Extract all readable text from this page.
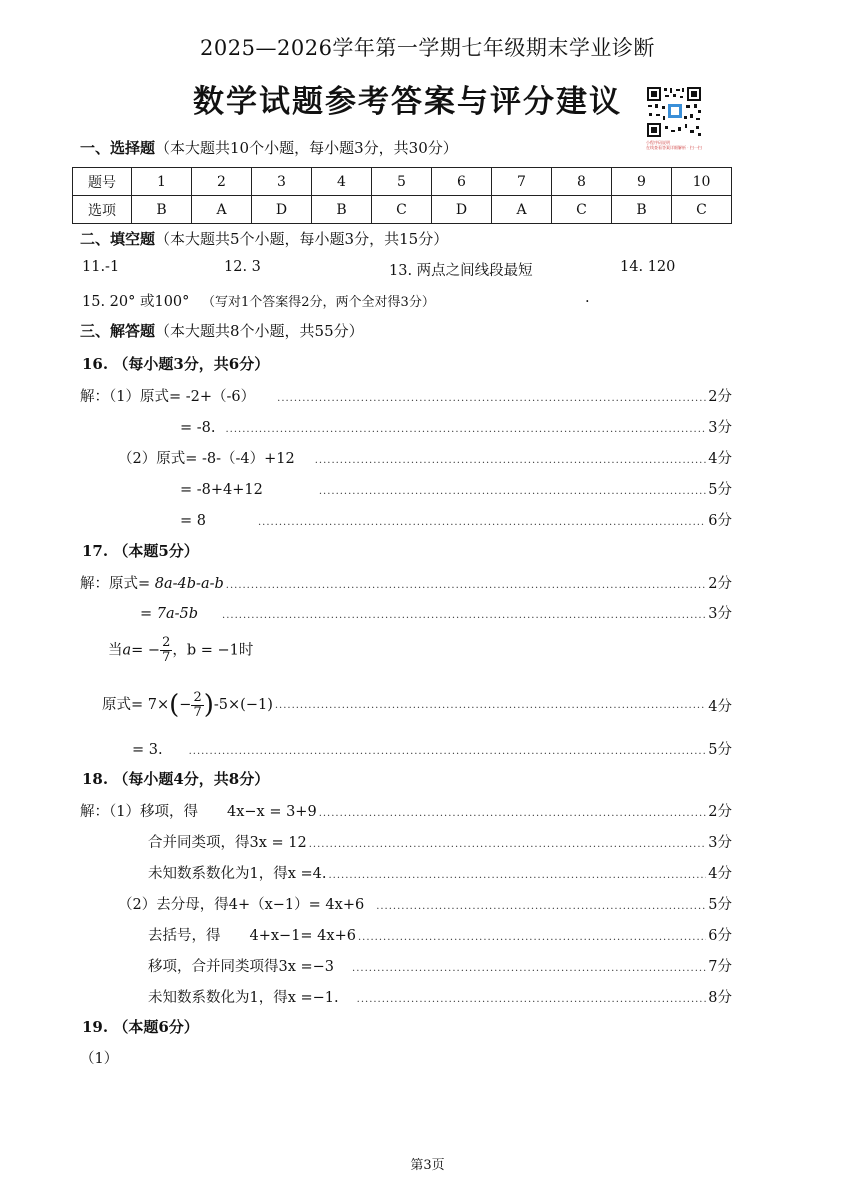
2025—2026学年第一学期七年级期末学业诊断
数学试题参考答案与评分建议
小程序码说明
在线查看答案详细解析 · 扫一扫
一、选择题（本大题共10个小题，每小题3分，共30分）
题号	1	2	3	4	5	6	7	8	9	10
选项	B	A	D	B	C	D	A	C	B	C
二、填空题（本大题共5个小题，每小题3分，共15分）
11.-1	12. 3	13. 两点之间线段最短	14. 120
15. 20° 或100° （写对1个答案得2分，两个全对得3分）	.
三、解答题（本大题共8个小题，共55分）
16. （每小题3分，共6分）
解：（1）原式= -2+（-6） .....	2分
= -8. .....	3分
（2）原式= -8-（-4）+12 .....	4分
= -8+4+12 .....	5分
= 8 .....	6分
17. （本题5分）
解：原式= 8a-4b-a-b .....	2分
= 7a-5b .....	3分
当$a= - \frac{2}{7}$ ，b = −1时
原式= $7\times(- \frac{2}{7} )-5\times(-1)$ .....	4分
= 3. .....	5分
18. （每小题4分，共8分）
解：（1）移项，得　　4x−x = 3+9 .....	2分
合并同类项，得3x = 12 .....	3分
未知数系数化为1，得x =4. .....	4分
（2）去分母，得4+（x−1）= 4x+6 .....	5分
去括号，得　　4+x−1= 4x+6 .....	6分
移项，合并同类项得3x =−3 .....	7分
未知数系数化为1，得x =−1. .....	8分
19. （本题6分）
（1）
第3页
